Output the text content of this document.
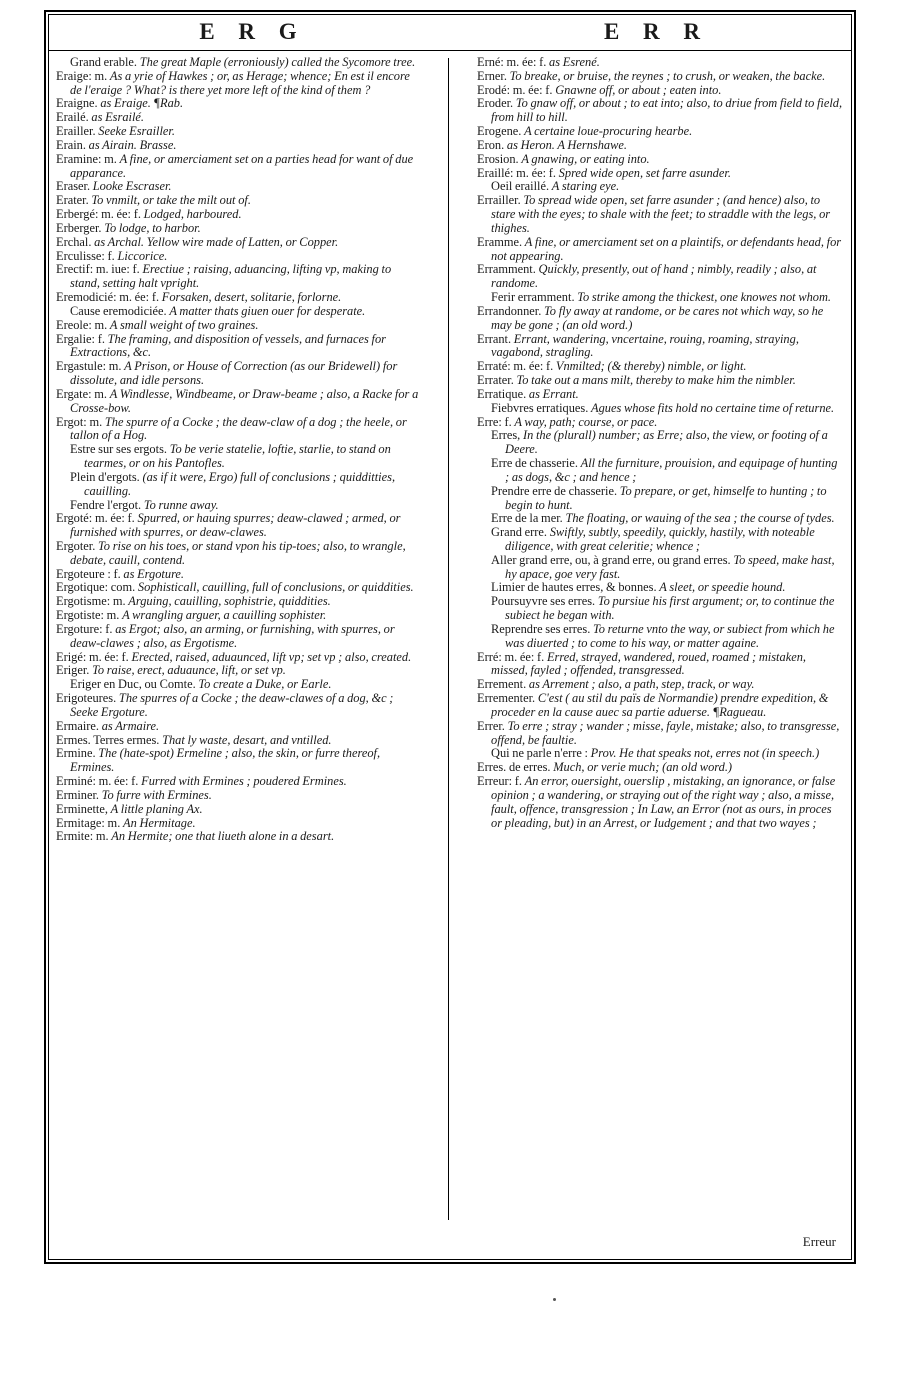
E R G	E R R
Grand erable. The great Maple (erroniously) called the Sycomore tree.
Eraige: m. As a yrie of Hawkes ; or, as Herage; whence; En est il encore de l'eraige ? What? is there yet more left of the kind of them ?
Eraigne. as Eraige. ¶Rab.
Erailé. as Esrailé.
Erailler. Seeke Esrailler.
Erain. as Airain. Brasse.
Eramine: m. A fine, or amerciament set on a parties head for want of due apparance.
Eraser. Looke Escraser.
Erater. To vnmilt, or take the milt out of.
Erbergé: m. ée: f. Lodged, harboured.
Erberger. To lodge, to harbor.
Erchal. as Archal. Yellow wire made of Latten, or Copper.
Erculisse: f. Liccorice.
Erectif: m. iue: f. Erectiue ; raising, aduancing, lifting vp, making to stand, setting halt vpright.
Eremodicié: m. ée: f. Forsaken, desert, solitarie, forlorne.
Cause eremodiciée. A matter thats giuen ouer for desperate.
Ereole: m. A small weight of two graines.
Ergalie: f. The framing, and disposition of vessels, and furnaces for Extractions, &c.
Ergastule: m. A Prison, or House of Correction (as our Bridewell) for dissolute, and idle persons.
Ergate: m. A Windlesse, Windbeame, or Draw-beame ; also, a Racke for a Crosse-bow.
Ergot: m. The spurre of a Cocke ; the deaw-claw of a dog ; the heele, or tallon of a Hog.
Estre sur ses ergots. To be verie statelie, loftie, starlie, to stand on tearmes, or on his Pantofles.
Plein d'ergots. (as if it were, Ergo) full of conclusions ; quidditties, cauilling.
Fendre l'ergot. To runne away.
Ergoté: m. ée: f. Spurred, or hauing spurres; deaw-clawed ; armed, or furnished with spurres, or deaw-clawes.
Ergoter. To rise on his toes, or stand vpon his tip-toes; also, to wrangle, debate, cauill, contend.
Ergoteure : f. as Ergoture.
Ergotique: com. Sophisticall, cauilling, full of conclusions, or quiddities.
Ergotisme: m. Arguing, cauilling, sophistrie, quiddities.
Ergotiste: m. A wrangling arguer, a cauilling sophister.
Ergoture: f. as Ergot; also, an arming, or furnishing, with spurres, or deaw-clawes ; also, as Ergotisme.
Erigé: m. ée: f. Erected, raised, aduaunced, lift vp; set vp ; also, created.
Eriger. To raise, erect, aduaunce, lift, or set vp.
Eriger en Duc, ou Comte. To create a Duke, or Earle.
Erigoteures. The spurres of a Cocke ; the deaw-clawes of a dog, &c ; Seeke Ergoture.
Ermaire. as Armaire.
Ermes. Terres ermes. That ly waste, desart, and vntilled.
Ermine. The (hate-spot) Ermeline ; also, the skin, or furre thereof, Ermines.
Erminé: m. ée: f. Furred with Ermines ; poudered Ermines.
Erminer. To furre with Ermines.
Erminette, A little planing Ax.
Ermitage: m. An Hermitage.
Ermite: m. An Hermite; one that liueth alone in a desart.
Erné: m. ée: f. as Esrené.
Erner. To breake, or bruise, the reynes ; to crush, or weaken, the backe.
Erodé: m. ée: f. Gnawne off, or about ; eaten into.
Eroder. To gnaw off, or about ; to eat into; also, to driue from field to field, from hill to hill.
Erogene. A certaine loue-procuring hearbe.
Eron. as Heron. A Hernshawe.
Erosion. A gnawing, or eating into.
Eraillé: m. ée: f. Spred wide open, set farre asunder.
Oeil eraillé. A staring eye.
Errailler. To spread wide open, set farre asunder ; (and hence) also, to stare with the eyes; to shale with the feet; to straddle with the legs, or thighes.
Eramme. A fine, or amerciament set on a plaintifs, or defendants head, for not appearing.
Erramment. Quickly, presently, out of hand ; nimbly, readily ; also, at randome.
Ferir erramment. To strike among the thickest, one knowes not whom.
Errandonner. To fly away at randome, or be cares not which way, so he may be gone ; (an old word.)
Errant. Errant, wandering, vncertaine, rouing, roaming, straying, vagabond, stragling.
Erraté: m. ée: f. Vnmilted; (& thereby) nimble, or light.
Errater. To take out a mans milt, thereby to make him the nimbler.
Erratique. as Errant.
Fiebvres erratiques. Agues whose fits hold no certaine time of returne.
Erre: f. A way, path; course, or pace.
Erres, In the (plurall) number; as Erre; also, the view, or footing of a Deere.
Erre de chasserie. All the furniture, prouision, and equipage of hunting ; as dogs, &c ; and hence ;
Prendre erre de chasserie. To prepare, or get, himselfe to hunting ; to begin to hunt.
Erre de la mer. The floating, or wauing of the sea ; the course of tydes.
Grand erre. Swiftly, subtly, speedily, quickly, hastily, with noteable diligence, with great celeritie; whence ;
Aller grand erre, ou, à grand erre, ou grand erres. To speed, make hast, hy apace, goe very fast.
Limier de hautes erres, & bonnes. A sleet, or speedie hound.
Poursuyvre ses erres. To pursiue his first argument; or, to continue the subiect he began with.
Reprendre ses erres. To returne vnto the way, or subiect from which he was diuerted ; to come to his way, or matter againe.
Erré: m. ée: f. Erred, strayed, wandered, roued, roamed ; mistaken, missed, fayled ; offended, transgressed.
Errement. as Arrement ; also, a path, step, track, or way.
Errementer. C'est ( au stil du païs de Normandie) prendre expedition, & proceder en la cause auec sa partie aduerse. ¶Ragueau.
Errer. To erre ; stray ; wander ; misse, fayle, mistake; also, to transgresse, offend, be faultie.
Qui ne parle n'erre : Prov. He that speaks not, erres not (in speech.)
Erres. de erres. Much, or verie much; (an old word.)
Erreur: f. An error, ouersight, ouerslip , mistaking, an ignorance, or false opinion ; a wandering, or straying out of the right way ; also, a misse, fault, offence, transgression ; In Law, an Error (not as ours, in proces or pleading, but) in an Arrest, or Iudgement ; and that two wayes ;
Erreur
